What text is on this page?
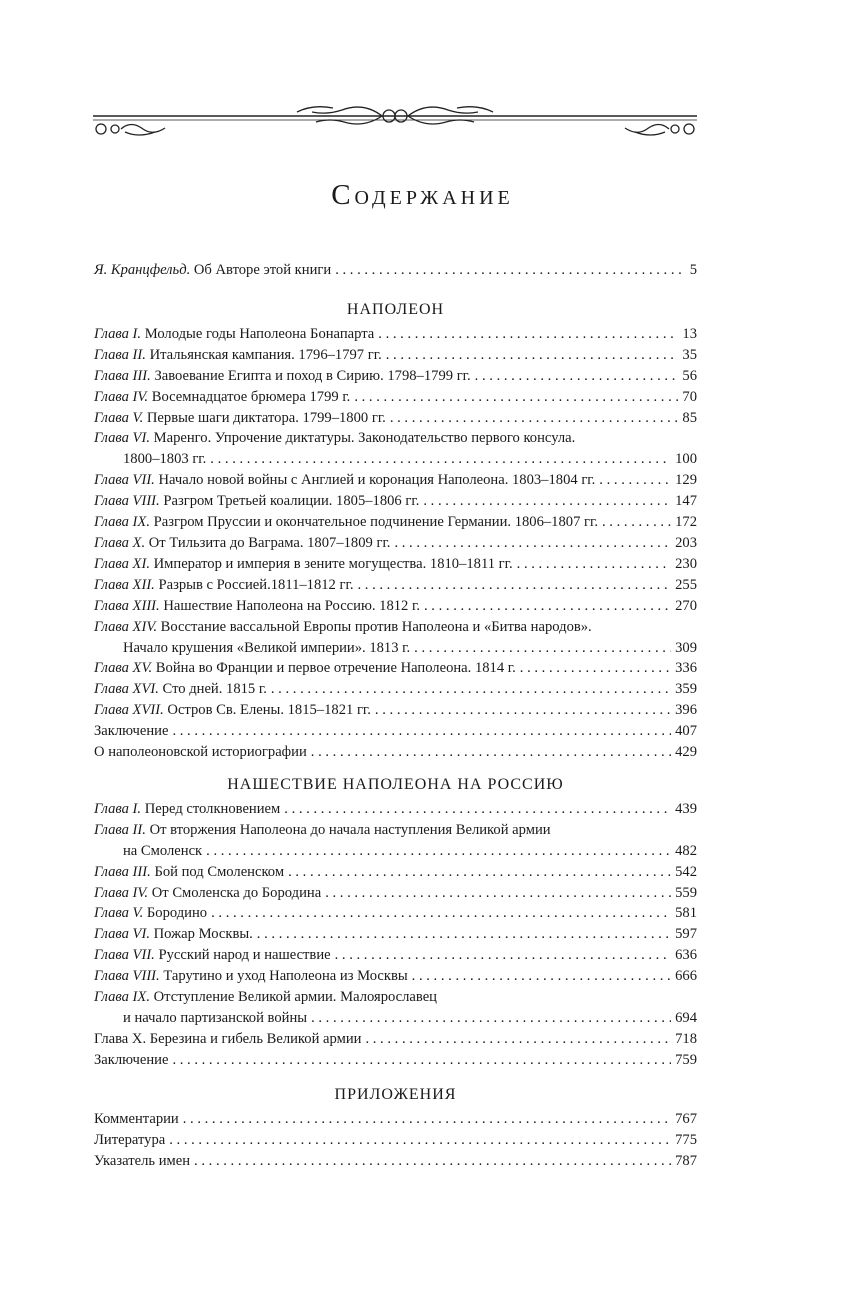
Содержание
Я. Кранцфельд. Об Авторе этой книги . . .	5
НАПОЛЕОН
Глава I. Молодые годы Наполеона Бонапарта . . .	13
Глава II. Итальянская кампания. 1796–1797 гг. . . .	35
Глава III. Завоевание Египта и поход в Сирию. 1798–1799 гг. . . .	56
Глава IV. Восемнадцатое брюмера 1799 г. . . .	70
Глава V. Первые шаги диктатора. 1799–1800 гг. . . .	85
Глава VI. Маренго. Упрочение диктатуры. Законодательство первого консула.
1800–1803 гг. . . .	100
Глава VII. Начало новой войны с Англией и коронация Наполеона. 1803–1804 гг. . . .	129
Глава VIII. Разгром Третьей коалиции. 1805–1806 гг. . . .	147
Глава IX. Разгром Пруссии и окончательное подчинение Германии. 1806–1807 гг. . . .	172
Глава X. От Тильзита до Ваграма. 1807–1809 гг. . . .	203
Глава XI. Император и империя в зените могущества. 1810–1811 гг. . . .	230
Глава XII. Разрыв с Россией.1811–1812 гг. . . .	255
Глава XIII. Нашествие Наполеона на Россию. 1812 г. . . .	270
Глава XIV. Восстание вассальной Европы против Наполеона и «Битва народов».
Начало крушения «Великой империи». 1813 г. . . .	309
Глава XV. Война во Франции и первое отречение Наполеона. 1814 г. . . .	336
Глава XVI. Сто дней. 1815 г. . . .	359
Глава XVII. Остров Св. Елены. 1815–1821 гг. . . .	396
Заключение . . .	407
О наполеоновской историографии . . .	429
НАШЕСТВИЕ НАПОЛЕОНА НА РОССИЮ
Глава I. Перед столкновением . . .	439
Глава II. От вторжения Наполеона до начала наступления Великой армии
на Смоленск . . .	482
Глава III. Бой под Смоленском . . .	542
Глава IV. От Смоленска до Бородина . . .	559
Глава V. Бородино . . .	581
Глава VI. Пожар Москвы. . . .	597
Глава VII. Русский народ и нашествие . . .	636
Глава VIII. Тарутино и уход Наполеона из Москвы . . .	666
Глава IX. Отступление Великой армии. Малоярославец
и начало партизанской войны . . .	694
Глава X. Березина и гибель Великой армии . . .	718
Заключение . . .	759
ПРИЛОЖЕНИЯ
Комментарии . . .	767
Литература . . .	775
Указатель имен . . .	787
